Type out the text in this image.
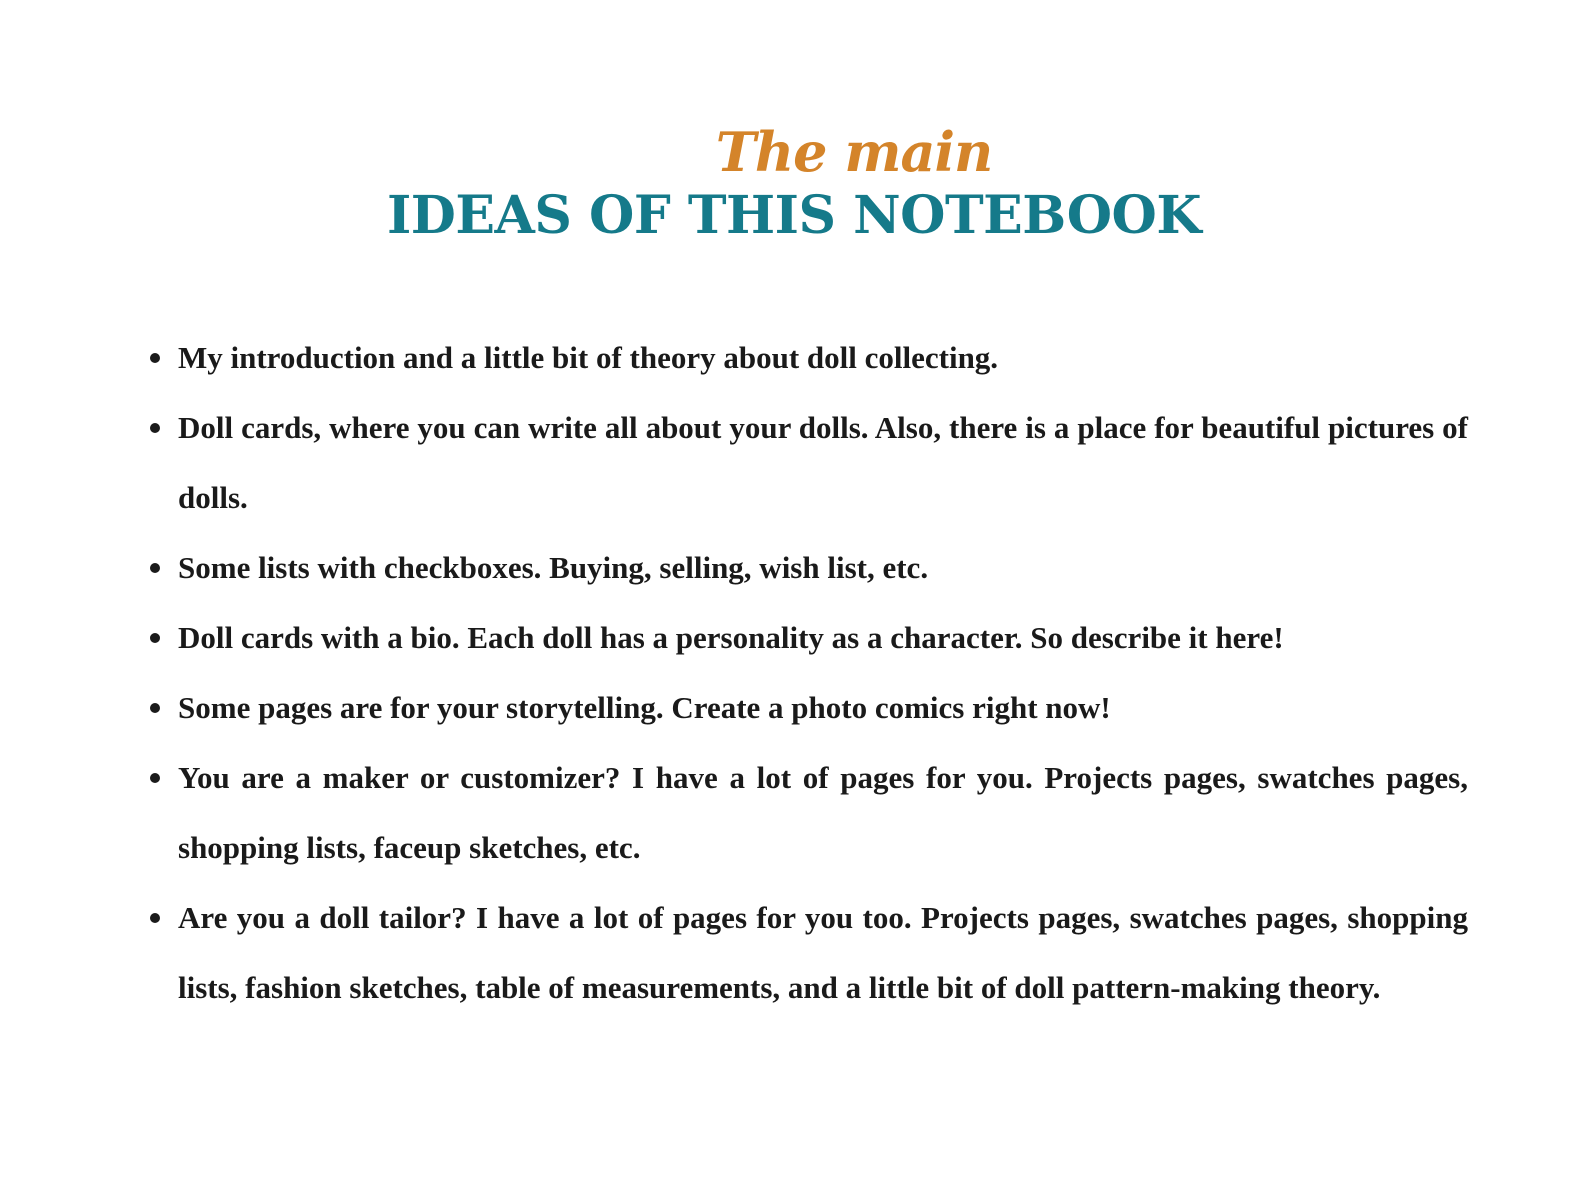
The main
IDEAS OF THIS NOTEBOOK
My introduction and a little bit of theory about doll collecting.
Doll cards, where you can write all about your dolls. Also, there is a place for beautiful pictures of dolls.
Some lists with checkboxes. Buying, selling, wish list, etc.
Doll cards with a bio. Each doll has a personality as a character. So describe it here!
Some pages are for your storytelling. Create a photo comics right now!
You are a maker or customizer? I have a lot of pages for you. Projects pages, swatches pages, shopping lists, faceup sketches, etc.
Are you a doll tailor? I have a lot of pages for you too. Projects pages, swatches pages, shopping lists, fashion sketches, table of measurements, and a little bit of doll pattern-making theory.
